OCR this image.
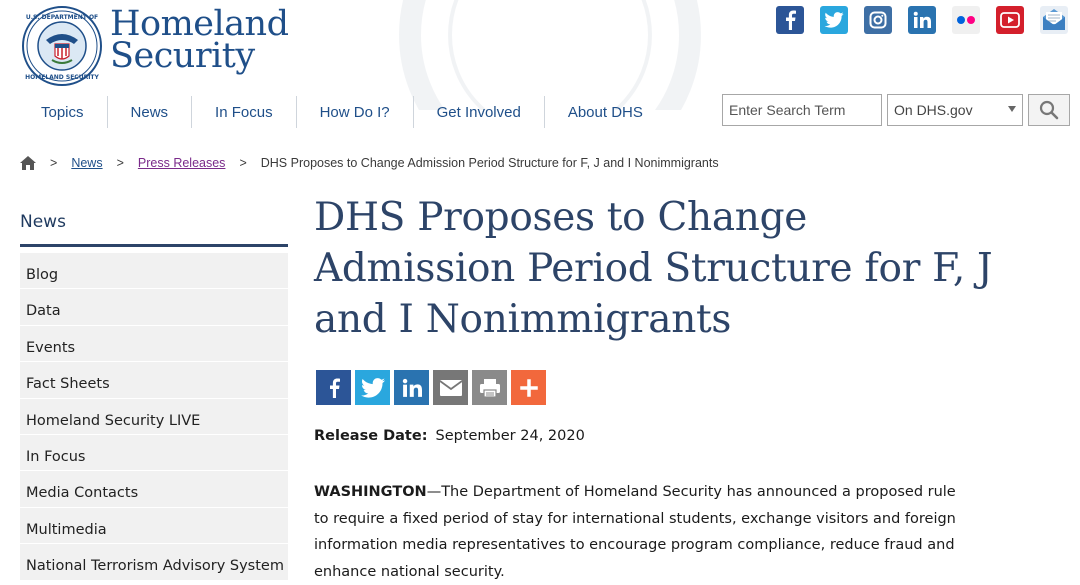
U.S. DEPARTMENT OF
HOMELAND SECURITY
Homeland
Security
Topics	News	In Focus	How Do I?	Get Involved	About DHS
Enter Search Term	On DHS.gov
> News > Press Releases > DHS Proposes to Change Admission Period Structure for F, J and I Nonimmigrants
News
Blog
Data
Events
Fact Sheets
Homeland Security LIVE
In Focus
Media Contacts
Multimedia
National Terrorism Advisory System
DHS Proposes to Change Admission Period Structure for F, J and I Nonimmigrants
Release Date: September 24, 2020

WASHINGTON—The Department of Homeland Security has announced a proposed rule to require a fixed period of stay for international students, exchange visitors and foreign information media representatives to encourage program compliance, reduce fraud and enhance national security.
